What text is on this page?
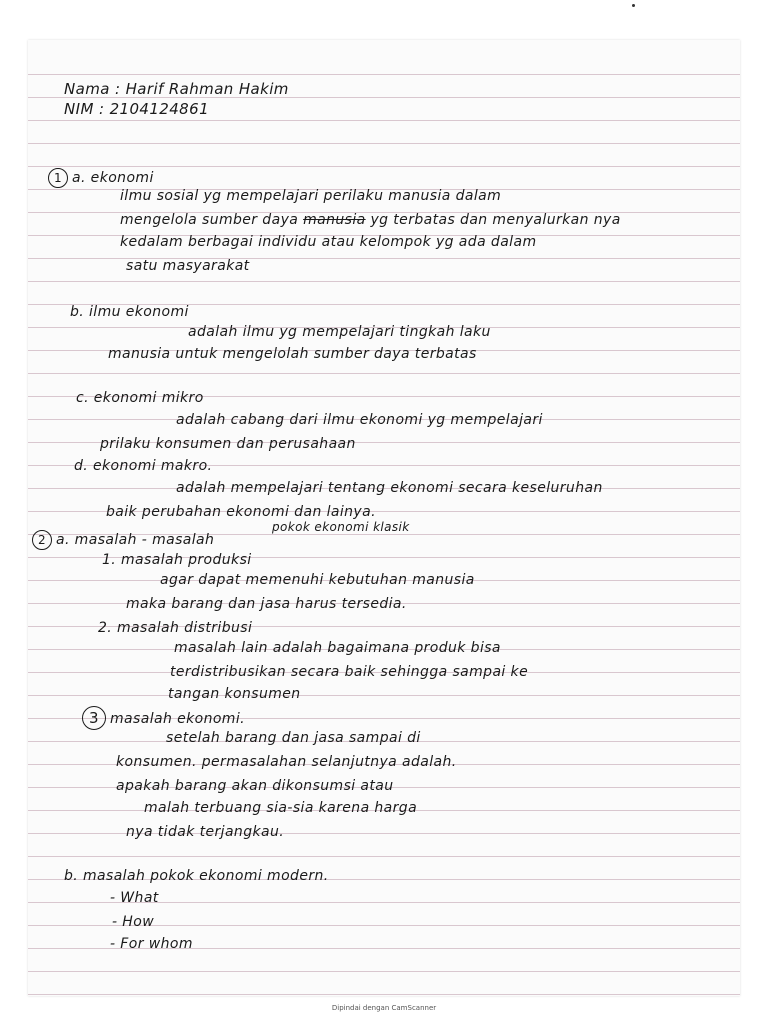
Nama : Harif Rahman Hakim

NIM : 2104124861

1 a. ekonomi

ilmu sosial yg mempelajari perilaku manusia dalam

mengelola sumber daya manusia yg terbatas dan menyalurkan nya

kedalam berbagai individu atau kelompok yg ada dalam

satu masyarakat

b. ilmu ekonomi

adalah ilmu yg mempelajari tingkah laku

manusia untuk mengelolah sumber daya terbatas

c. ekonomi mikro

adalah cabang dari ilmu ekonomi yg mempelajari

prilaku konsumen dan perusahaan

d. ekonomi makro.

adalah mempelajari tentang ekonomi secara keseluruhan

baik perubahan ekonomi dan lainya.

pokok ekonomi klasik

2 a. masalah - masalah

1. masalah produksi

agar dapat memenuhi kebutuhan manusia

maka barang dan jasa harus tersedia.

2. masalah distribusi

masalah lain adalah bagaimana produk bisa

terdistribusikan secara baik sehingga sampai ke

tangan konsumen

3 masalah ekonomi.

setelah barang dan jasa sampai di

konsumen. permasalahan selanjutnya adalah.

apakah barang akan dikonsumsi atau

malah terbuang sia-sia karena harga

nya tidak terjangkau.

b. masalah pokok ekonomi modern.

- What

- How

- For whom

Dipindai dengan CamScanner
